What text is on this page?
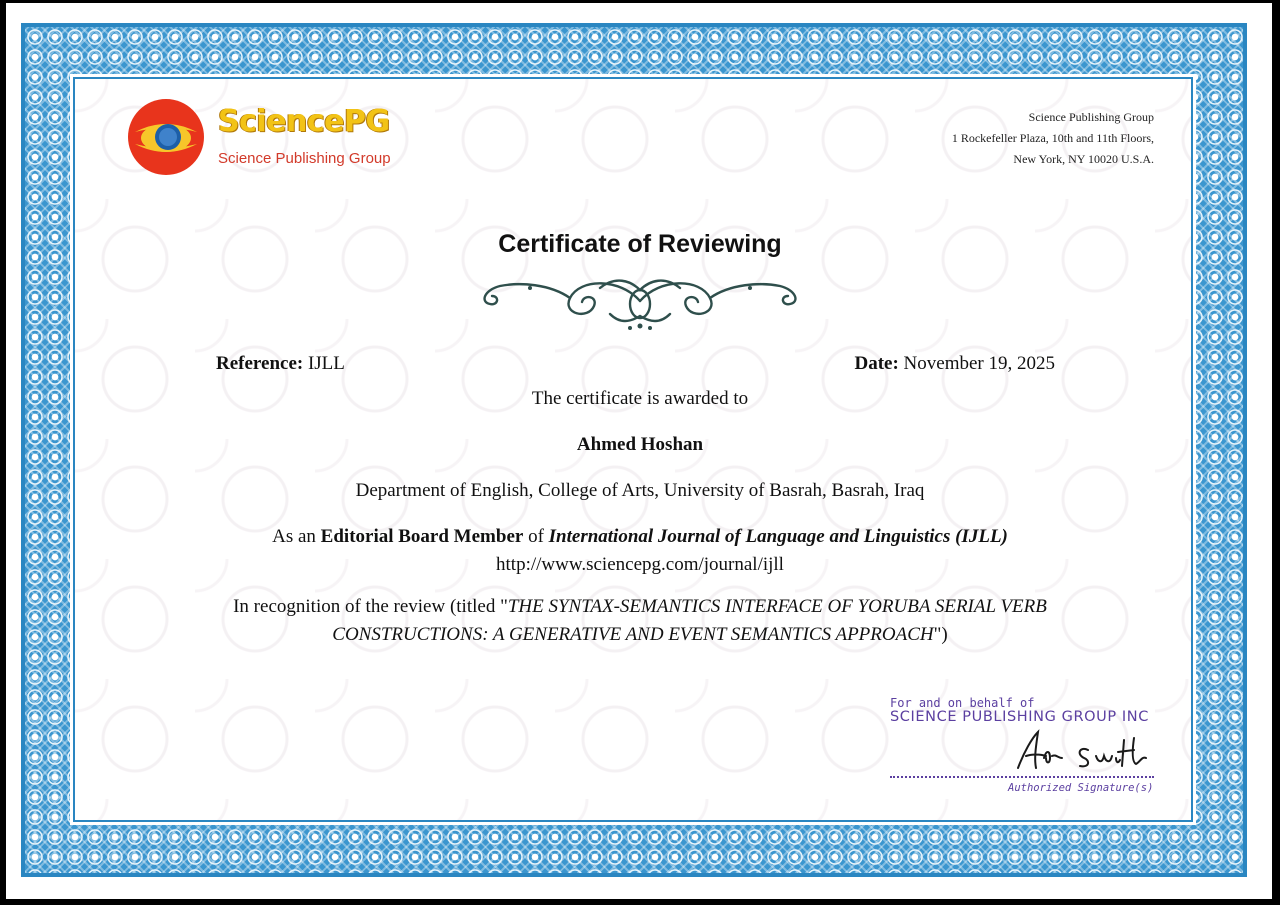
SciencePG
Science Publishing Group
Science Publishing Group
1 Rockefeller Plaza, 10th and 11th Floors,
New York, NY 10020 U.S.A.
Certificate of Reviewing
Reference: IJLL	Date: November 19, 2025
The certificate is awarded to
Ahmed Hoshan
Department of English, College of Arts, University of Basrah, Basrah, Iraq
As an Editorial Board Member of International Journal of Language and Linguistics (IJLL)
http://www.sciencepg.com/journal/ijll
In recognition of the review (titled "THE SYNTAX-SEMANTICS INTERFACE OF YORUBA SERIAL VERB
CONSTRUCTIONS: A GENERATIVE AND EVENT SEMANTICS APPROACH")
For and on behalf of
SCIENCE PUBLISHING GROUP INC
Authorized Signature(s)
